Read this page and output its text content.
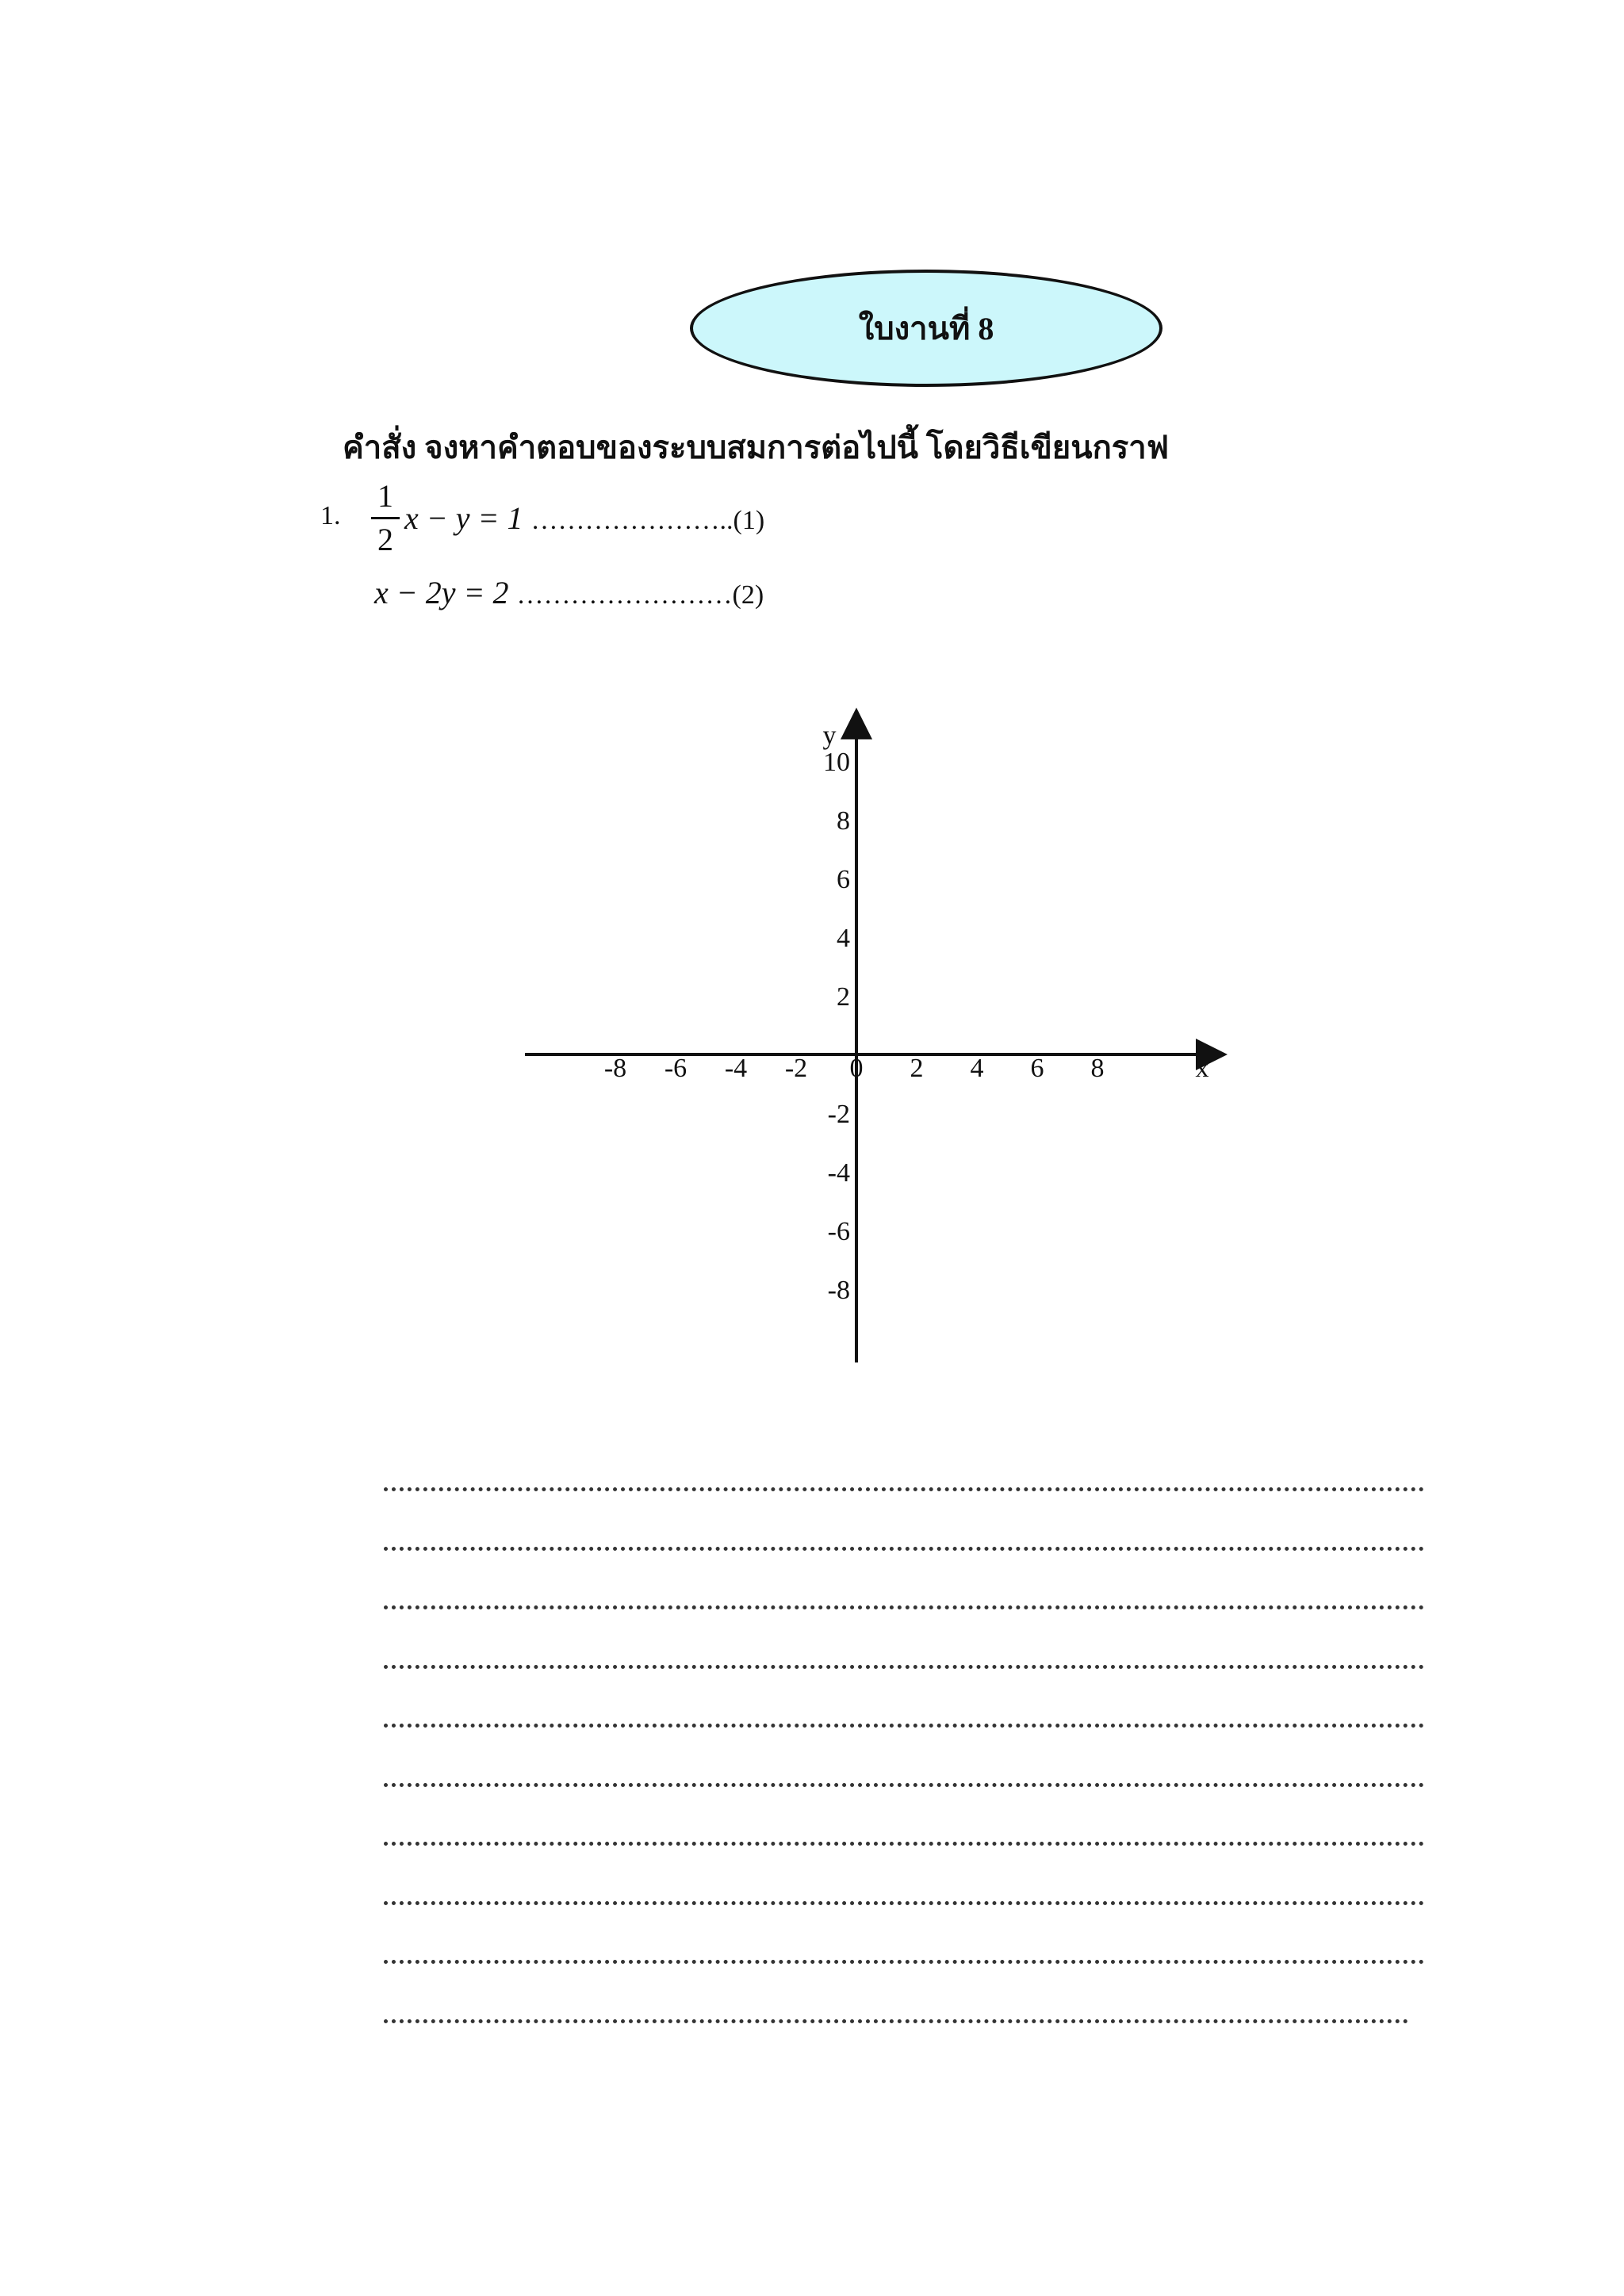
ใบงานที่ 8
คำสั่ง จงหาคำตอบของระบบสมการต่อไปนี้ โดยวิธีเขียนกราฟ
1.
1
2
x − y = 1 …………………..(1)
x − 2y = 2 ……………………(2)
-8 -6 -4 -2 0 2 4 6 8
10
8
6
4
2
-2
-4
-6
-8
x
y
